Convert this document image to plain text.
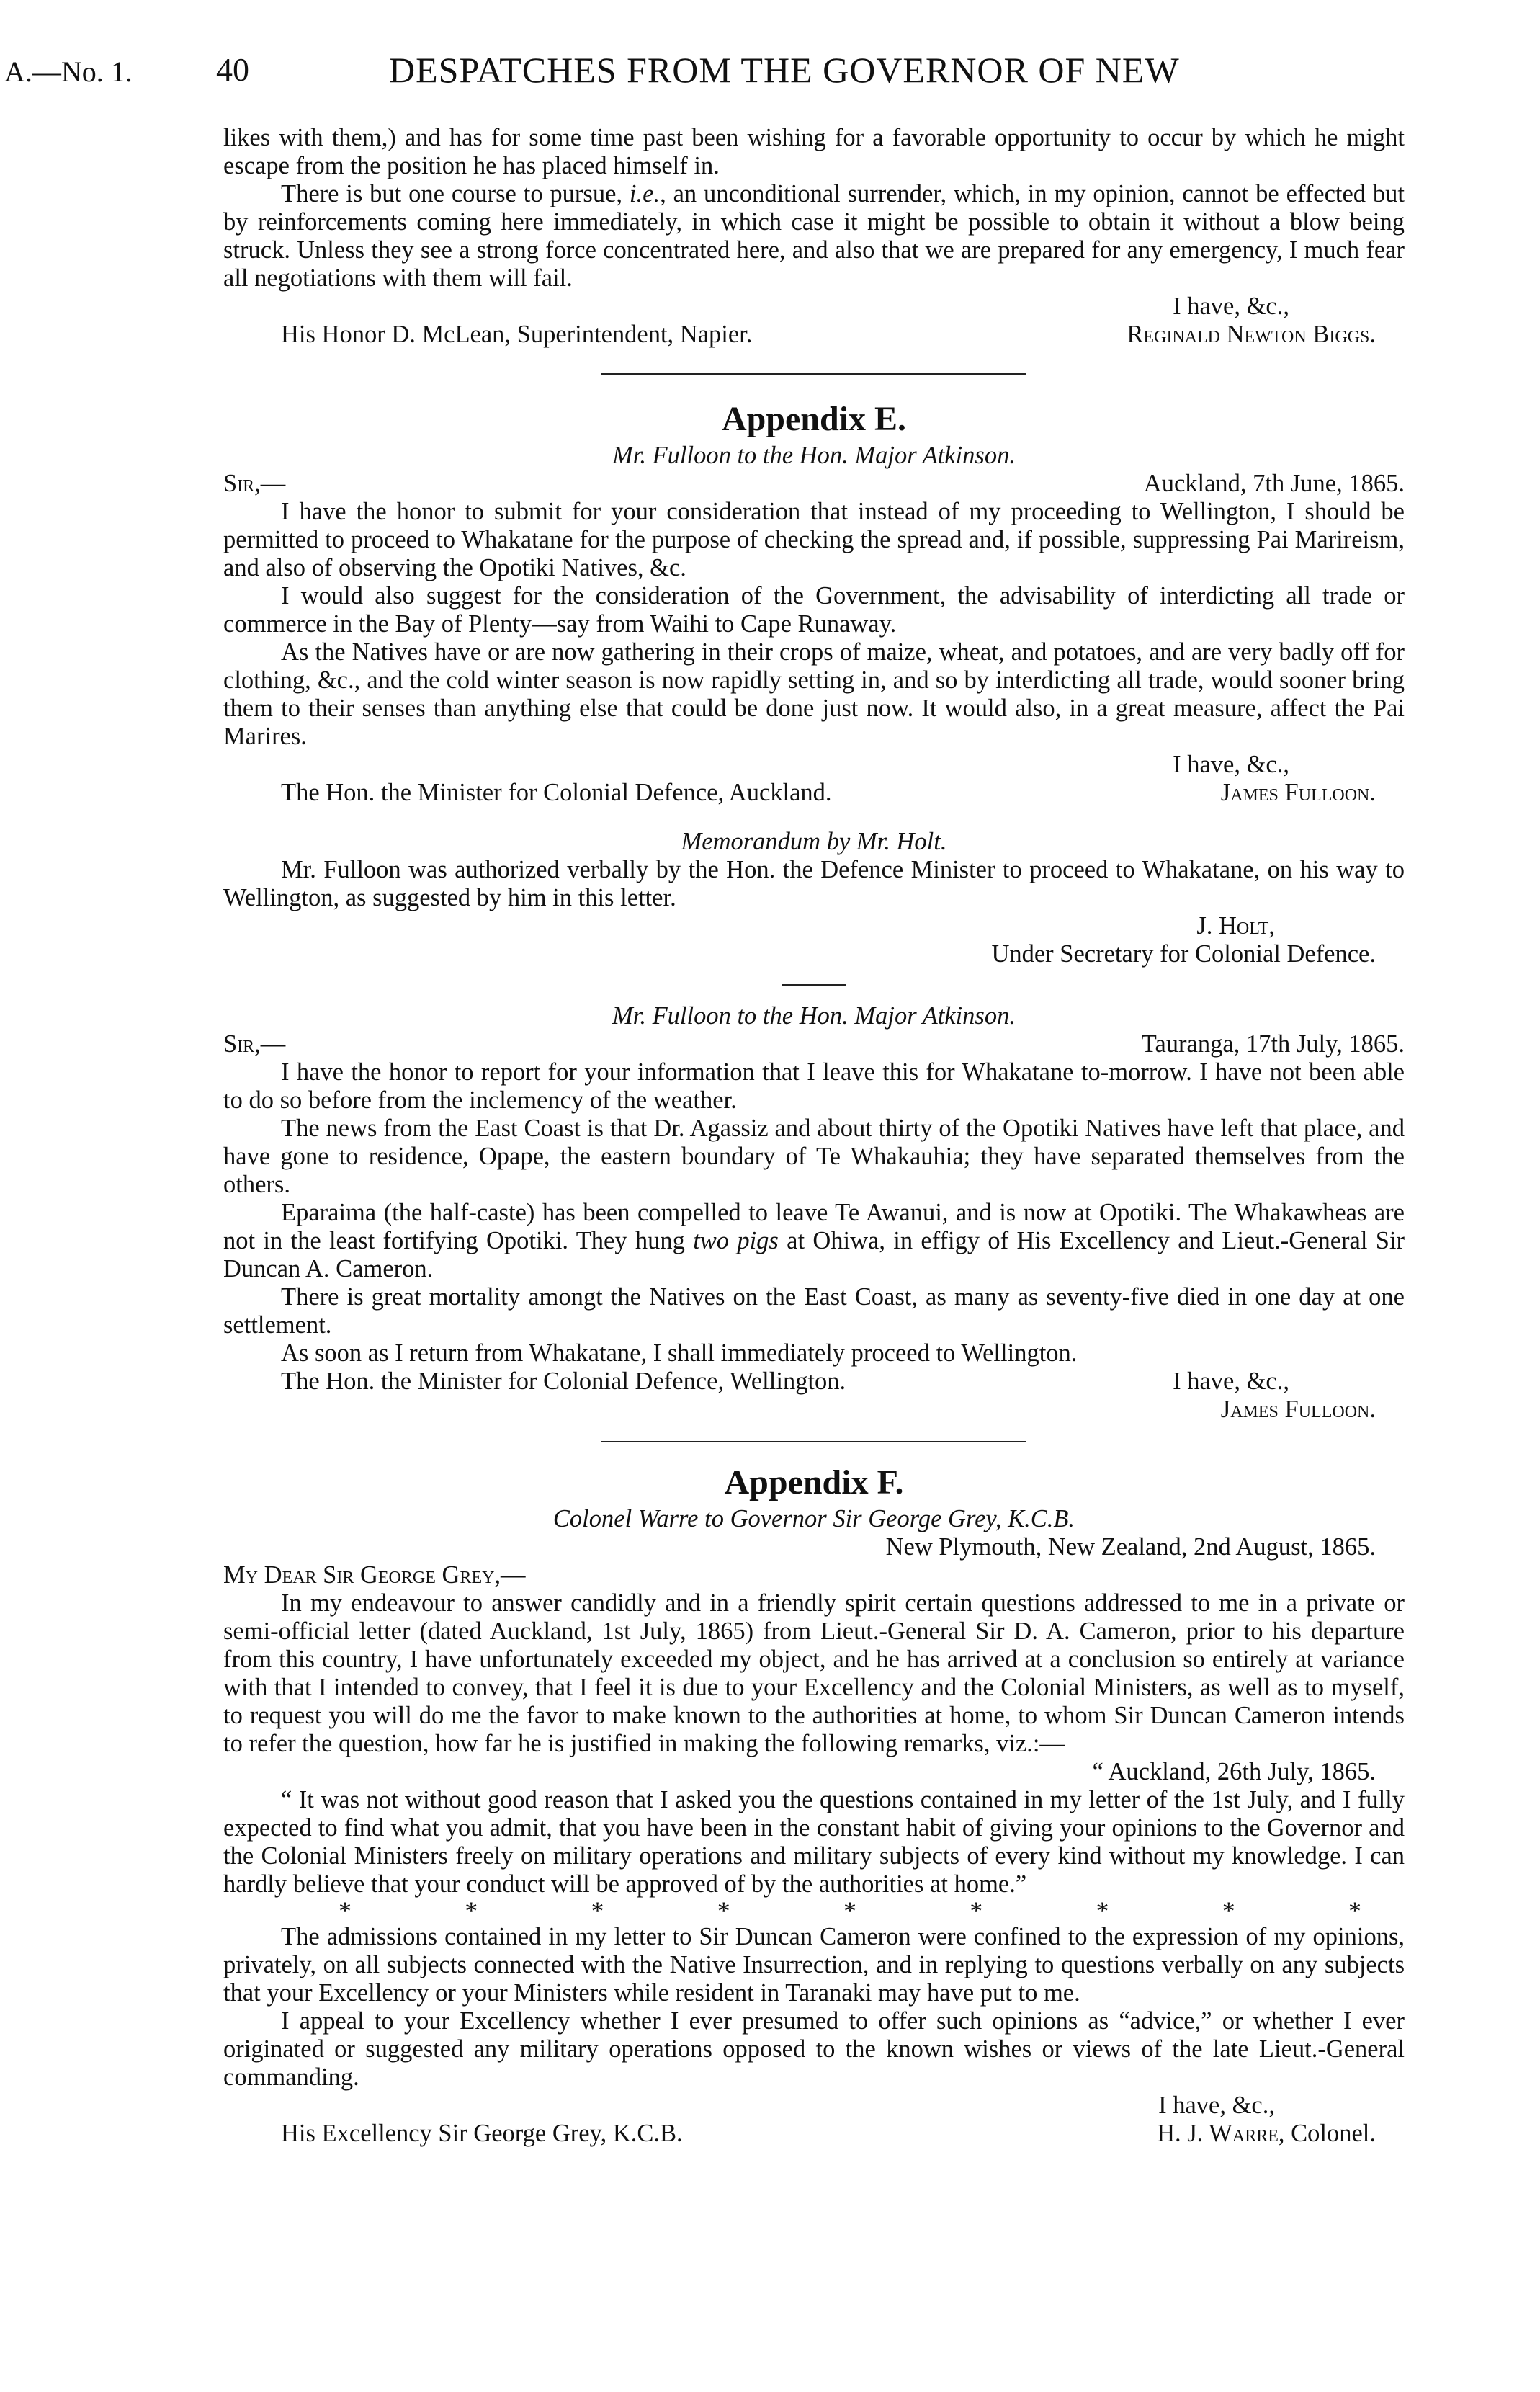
A.—No. 1.	40	DESPATCHES FROM THE GOVERNOR OF NEW

likes with them,) and has for some time past been wishing for a favorable opportunity to occur by which he might escape from the position he has placed himself in.

There is but one course to pursue, i.e., an unconditional surrender, which, in my opinion, cannot be effected but by reinforcements coming here immediately, in which case it might be possible to obtain it without a blow being struck. Unless they see a strong force concentrated here, and also that we are prepared for any emergency, I much fear all negotiations with them will fail.

I have, &c.,

His Honor D. McLean, Superintendent, Napier.	Reginald Newton Biggs.
Appendix E.

Mr. Fulloon to the Hon. Major Atkinson.

Sir,—	Auckland, 7th June, 1865.

I have the honor to submit for your consideration that instead of my proceeding to Wellington, I should be permitted to proceed to Whakatane for the purpose of checking the spread and, if possible, suppressing Pai Marireism, and also of observing the Opotiki Natives, &c.

I would also suggest for the consideration of the Government, the advisability of interdicting all trade or commerce in the Bay of Plenty—say from Waihi to Cape Runaway.

As the Natives have or are now gathering in their crops of maize, wheat, and potatoes, and are very badly off for clothing, &c., and the cold winter season is now rapidly setting in, and so by interdicting all trade, would sooner bring them to their senses than anything else that could be done just now. It would also, in a great measure, affect the Pai Marires.

I have, &c.,

The Hon. the Minister for Colonial Defence, Auckland.	James Fulloon.

Memorandum by Mr. Holt.

Mr. Fulloon was authorized verbally by the Hon. the Defence Minister to proceed to Whakatane, on his way to Wellington, as suggested by him in this letter.

J. Holt,

Under Secretary for Colonial Defence.

Mr. Fulloon to the Hon. Major Atkinson.

Sir,—	Tauranga, 17th July, 1865.

I have the honor to report for your information that I leave this for Whakatane to-morrow. I have not been able to do so before from the inclemency of the weather.

The news from the East Coast is that Dr. Agassiz and about thirty of the Opotiki Natives have left that place, and have gone to residence, Opape, the eastern boundary of Te Whakauhia; they have separated themselves from the others.

Eparaima (the half-caste) has been compelled to leave Te Awanui, and is now at Opotiki. The Whakawheas are not in the least fortifying Opotiki. They hung two pigs at Ohiwa, in effigy of His Excellency and Lieut.-General Sir Duncan A. Cameron.

There is great mortality amongt the Natives on the East Coast, as many as seventy-five died in one day at one settlement.

As soon as I return from Whakatane, I shall immediately proceed to Wellington.

The Hon. the Minister for Colonial Defence, Wellington.	I have, &c.,

James Fulloon.

Appendix F.

Colonel Warre to Governor Sir George Grey, K.C.B.

New Plymouth, New Zealand, 2nd August, 1865.

My Dear Sir George Grey,—

In my endeavour to answer candidly and in a friendly spirit certain questions addressed to me in a private or semi-official letter (dated Auckland, 1st July, 1865) from Lieut.-General Sir D. A. Cameron, prior to his departure from this country, I have unfortunately exceeded my object, and he has arrived at a conclusion so entirely at variance with that I intended to convey, that I feel it is due to your Excellency and the Colonial Ministers, as well as to myself, to request you will do me the favor to make known to the authorities at home, to whom Sir Duncan Cameron intends to refer the question, how far he is justified in making the following remarks, viz.:—

“ Auckland, 26th July, 1865.

“ It was not without good reason that I asked you the questions contained in my letter of the 1st July, and I fully expected to find what you admit, that you have been in the constant habit of giving your opinions to the Governor and the Colonial Ministers freely on military operations and military subjects of every kind without my knowledge. I can hardly believe that your conduct will be approved of by the authorities at home.”

*	*	*	*	*	*	*	*	*

The admissions contained in my letter to Sir Duncan Cameron were confined to the expression of my opinions, privately, on all subjects connected with the Native Insurrection, and in replying to questions verbally on any subjects that your Excellency or your Ministers while resident in Taranaki may have put to me.

I appeal to your Excellency whether I ever presumed to offer such opinions as “advice,” or whether I ever originated or suggested any military operations opposed to the known wishes or views of the late Lieut.-General commanding.

I have, &c.,

His Excellency Sir George Grey, K.C.B.	H. J. Warre, Colonel.
